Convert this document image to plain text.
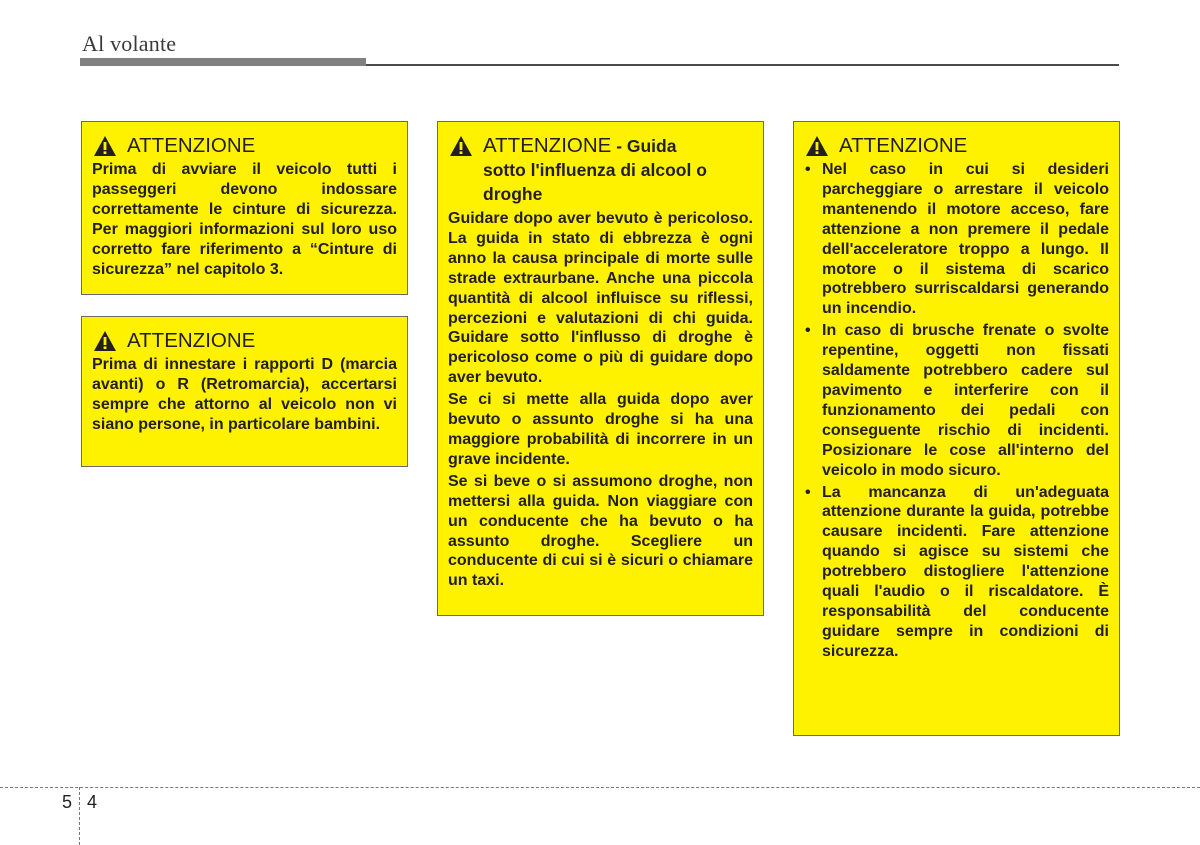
Al volante
ATTENZIONE

Prima di avviare il veicolo tutti i passeggeri devono indossare correttamente le cinture di sicurezza. Per maggiori informazioni sul loro uso corretto fare riferimento a “Cinture di sicurezza” nel capitolo 3.

ATTENZIONE

Prima di innestare i rapporti D (marcia avanti) o R (Retromarcia), accertarsi sempre che attorno al veicolo non vi siano persone, in particolare bambini.

ATTENZIONE - Guida
sotto l'influenza di alcool o droghe

Guidare dopo aver bevuto è pericoloso. La guida in stato di ebbrezza è ogni anno la causa principale di morte sulle strade extraurbane. Anche una piccola quantità di alcool influisce su riflessi, percezioni e valutazioni di chi guida. Guidare sotto l'influsso di droghe è pericoloso come o più di guidare dopo aver bevuto.

Se ci si mette alla guida dopo aver bevuto o assunto droghe si ha una maggiore probabilità di incorrere in un grave incidente.

Se si beve o si assumono droghe, non mettersi alla guida. Non viaggiare con un conducente che ha bevuto o ha assunto droghe. Scegliere un conducente di cui si è sicuri o chiamare un taxi.

ATTENZIONE
• Nel caso in cui si desideri parcheggiare o arrestare il veicolo mantenendo il motore acceso, fare attenzione a non premere il pedale dell'acceleratore troppo a lungo. Il motore o il sistema di scarico potrebbero surriscaldarsi generando un incendio.
• In caso di brusche frenate o svolte repentine, oggetti non fissati saldamente potrebbero cadere sul pavimento e interferire con il funzionamento dei pedali con conseguente rischio di incidenti. Posizionare le cose all'interno del veicolo in modo sicuro.
• La mancanza di un'adeguata attenzione durante la guida, potrebbe causare incidenti. Fare attenzione quando si agisce su sistemi che potrebbero distogliere l'attenzione quali l'audio o il riscaldatore. È responsabilità del conducente guidare sempre in condizioni di sicurezza.
5 4
